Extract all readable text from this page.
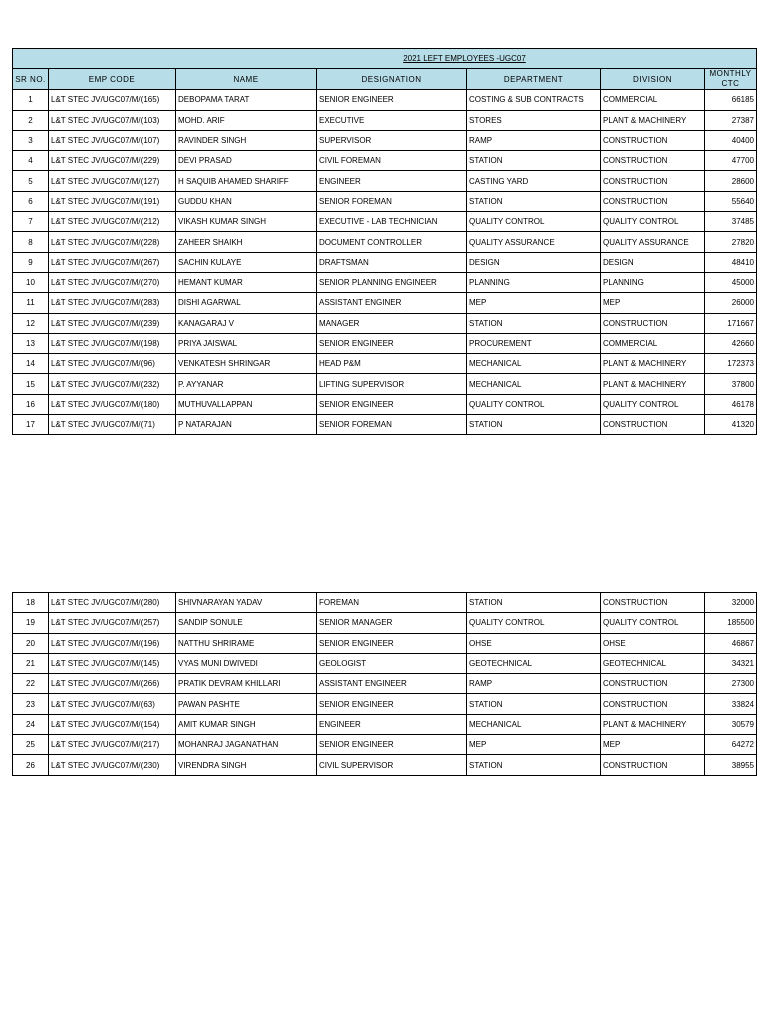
2021 LEFT EMPLOYEES -UGC07						
SR NO.	EMP CODE	NAME	DESIGNATION	DEPARTMENT	DIVISION	MONTHLY CTC
1	L&T STEC JV/UGC07/M/(165)	DEBOPAMA TARAT	SENIOR ENGINEER	COSTING & SUB CONTRACTS	COMMERCIAL	66185
2	L&T STEC JV/UGC07/M/(103)	MOHD. ARIF	EXECUTIVE	STORES	PLANT & MACHINERY	27387
3	L&T STEC JV/UGC07/M/(107)	RAVINDER SINGH	SUPERVISOR	RAMP	CONSTRUCTION	40400
4	L&T STEC JV/UGC07/M/(229)	DEVI PRASAD	CIVIL FOREMAN	STATION	CONSTRUCTION	47700
5	L&T STEC JV/UGC07/M/(127)	H SAQUIB AHAMED SHARIFF	ENGINEER	CASTING YARD	CONSTRUCTION	28600
6	L&T STEC JV/UGC07/M/(191)	GUDDU KHAN	SENIOR FOREMAN	STATION	CONSTRUCTION	55640
7	L&T STEC JV/UGC07/M/(212)	VIKASH KUMAR SINGH	EXECUTIVE - LAB TECHNICIAN	QUALITY CONTROL	QUALITY CONTROL	37485
8	L&T STEC JV/UGC07/M/(228)	ZAHEER SHAIKH	DOCUMENT CONTROLLER	QUALITY ASSURANCE	QUALITY ASSURANCE	27820
9	L&T STEC JV/UGC07/M/(267)	SACHIN KULAYE	DRAFTSMAN	DESIGN	DESIGN	48410
10	L&T STEC JV/UGC07/M/(270)	HEMANT KUMAR	SENIOR PLANNING ENGINEER	PLANNING	PLANNING	45000
11	L&T STEC JV/UGC07/M/(283)	DISHI AGARWAL	ASSISTANT ENGINER	MEP	MEP	26000
12	L&T STEC JV/UGC07/M/(239)	KANAGARAJ V	MANAGER	STATION	CONSTRUCTION	171667
13	L&T STEC JV/UGC07/M/(198)	PRIYA JAISWAL	SENIOR ENGINEER	PROCUREMENT	COMMERCIAL	42660
14	L&T STEC JV/UGC07/M/(96)	VENKATESH SHRINGAR	HEAD P&M	MECHANICAL	PLANT & MACHINERY	172373
15	L&T STEC JV/UGC07/M/(232)	P. AYYANAR	LIFTING SUPERVISOR	MECHANICAL	PLANT & MACHINERY	37800
16	L&T STEC JV/UGC07/M/(180)	MUTHUVALLAPPAN	SENIOR ENGINEER	QUALITY CONTROL	QUALITY CONTROL	46178
17	L&T STEC JV/UGC07/M/(71)	P NATARAJAN	SENIOR FOREMAN	STATION	CONSTRUCTION	41320
18	L&T STEC JV/UGC07/M/(280)	SHIVNARAYAN YADAV	FOREMAN	STATION	CONSTRUCTION	32000
19	L&T STEC JV/UGC07/M/(257)	SANDIP SONULE	SENIOR MANAGER	QUALITY CONTROL	QUALITY CONTROL	185500
20	L&T STEC JV/UGC07/M/(196)	NATTHU SHRIRAME	SENIOR ENGINEER	OHSE	OHSE	46867
21	L&T STEC JV/UGC07/M/(145)	VYAS MUNI DWIVEDI	GEOLOGIST	GEOTECHNICAL	GEOTECHNICAL	34321
22	L&T STEC JV/UGC07/M/(266)	PRATIK DEVRAM KHILLARI	ASSISTANT ENGINEER	RAMP	CONSTRUCTION	27300
23	L&T STEC JV/UGC07/M/(63)	PAWAN PASHTE	SENIOR ENGINEER	STATION	CONSTRUCTION	33824
24	L&T STEC JV/UGC07/M/(154)	AMIT KUMAR SINGH	ENGINEER	MECHANICAL	PLANT & MACHINERY	30579
25	L&T STEC JV/UGC07/M/(217)	MOHANRAJ JAGANATHAN	SENIOR ENGINEER	MEP	MEP	64272
26	L&T STEC JV/UGC07/M/(230)	VIRENDRA SINGH	CIVIL SUPERVISOR	STATION	CONSTRUCTION	38955
